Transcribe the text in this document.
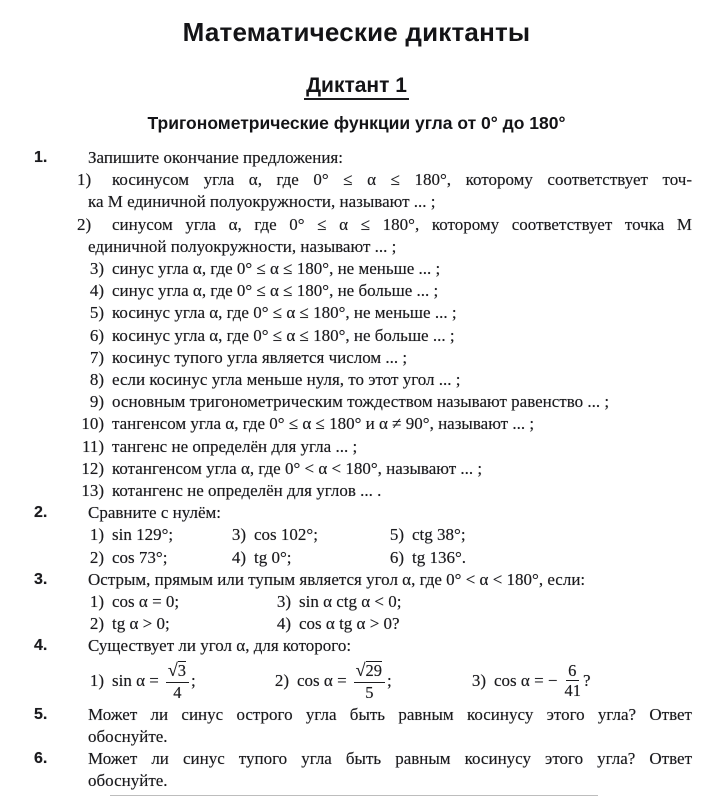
Математические диктанты
Диктант 1
Тригонометрические функции угла от 0° до 180°
1. Запишите окончание предложения:
1) косинусом угла α, где 0° ≤ α ≤ 180°, которому соответствует точ-
ка M единичной полуокружности, называют ... ;
2) синусом угла α, где 0° ≤ α ≤ 180°, которому соответствует точка M
единичной полуокружности, называют ... ;
3) синус угла α, где 0° ≤ α ≤ 180°, не меньше ... ;
4) синус угла α, где 0° ≤ α ≤ 180°, не больше ... ;
5) косинус угла α, где 0° ≤ α ≤ 180°, не меньше ... ;
6) косинус угла α, где 0° ≤ α ≤ 180°, не больше ... ;
7) косинус тупого угла является числом ... ;
8) если косинус угла меньше нуля, то этот угол ... ;
9) основным тригонометрическим тождеством называют равенство ... ;
10) тангенсом угла α, где 0° ≤ α ≤ 180° и α ≠ 90°, называют ... ;
11) тангенс не определён для угла ... ;
12) котангенсом угла α, где 0° < α < 180°, называют ... ;
13) котангенс не определён для углов ... .
2. Сравните с нулём:
1) sin 129°;	3) cos 102°;	5) ctg 38°;
2) cos 73°;	4) tg 0°;	6) tg 136°.
3. Острым, прямым или тупым является угол α, где 0° < α < 180°, если:
1) cos α = 0;	3) sin α ctg α < 0;
2) tg α > 0;	4) cos α tg α > 0?
4. Существует ли угол α, для которого:
1) $\sin \alpha = \frac{√ 3}{4}$ ;	2) $\cos \alpha = \frac{√ 29}{5}$ ;	3) cos α = − $\frac{6}{41}$ ?
5. Может ли синус острого угла быть равным косинусу этого угла? Ответ
обоснуйте.
6. Может ли синус тупого угла быть равным косинусу этого угла? Ответ
обоснуйте.
